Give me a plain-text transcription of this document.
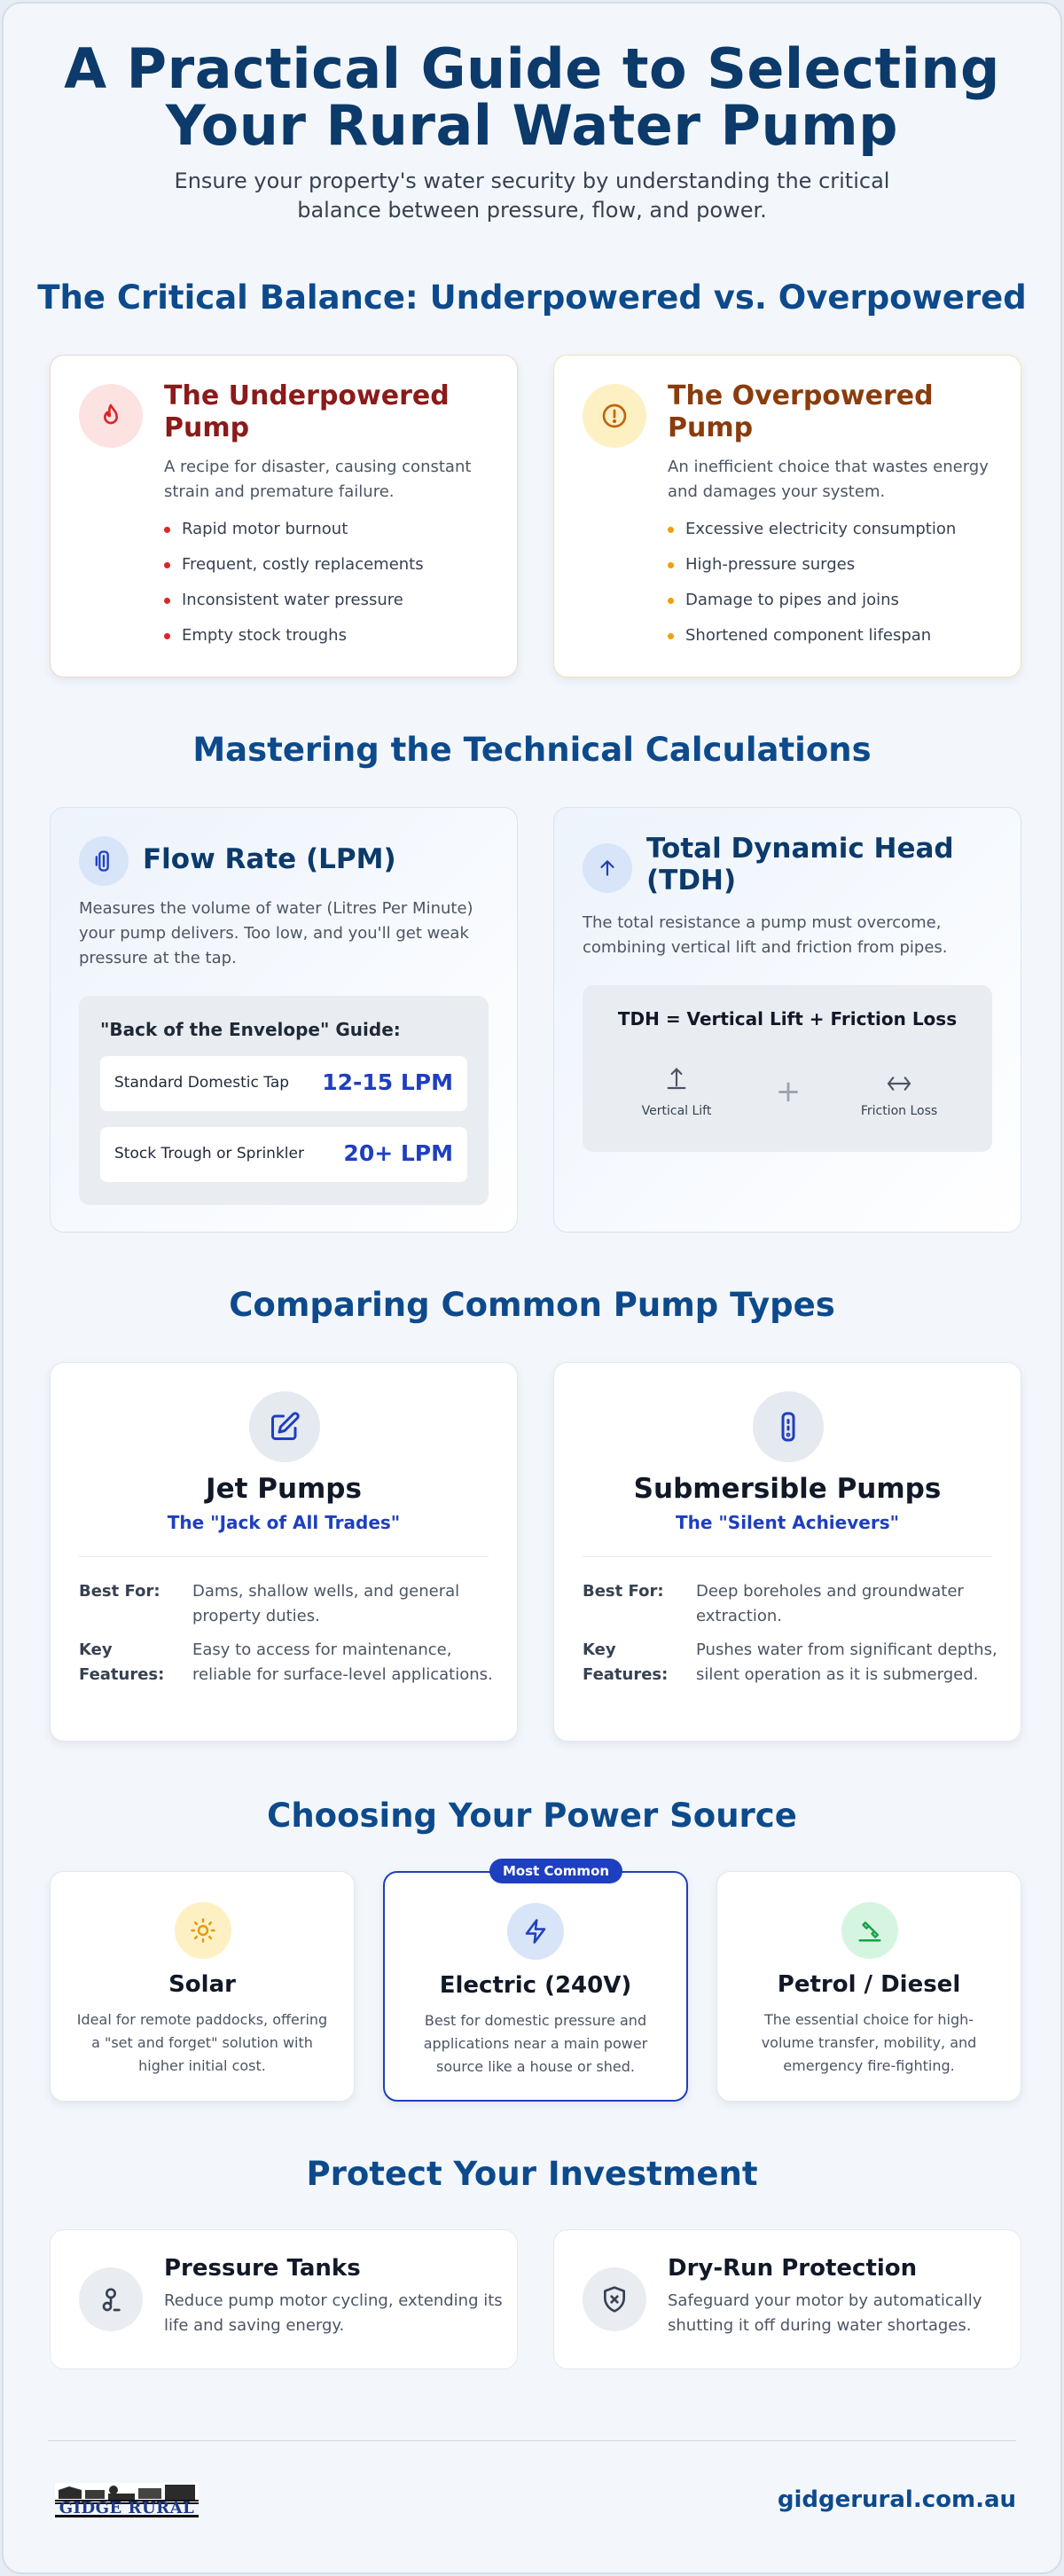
A Practical Guide to Selecting Your Rural Water Pump

Ensure your property's water security by understanding the critical balance between pressure, flow, and power.

The Critical Balance: Underpowered vs. Overpowered
The Underpowered Pump
A recipe for disaster, causing constant strain and premature failure.
Rapid motor burnout
Frequent, costly replacements
Inconsistent water pressure
Empty stock troughs
The Overpowered Pump
An inefficient choice that wastes energy and damages your system.
Excessive electricity consumption
High-pressure surges
Damage to pipes and joins
Shortened component lifespan
Mastering the Technical Calculations
Flow Rate (LPM)
Measures the volume of water (Litres Per Minute) your pump delivers. Too low, and you'll get weak pressure at the tap.
"Back of the Envelope" Guide:
Standard Domestic Tap 12-15 LPM
Stock Trough or Sprinkler 20+ LPM
Total Dynamic Head (TDH)
The total resistance a pump must overcome, combining vertical lift and friction from pipes.
TDH = Vertical Lift + Friction Loss
Vertical Lift
+
Friction Loss
Comparing Common Pump Types
Jet Pumps
The "Jack of All Trades"
Best For:	Dams, shallow wells, and general property duties.
Key Features:
Easy to access for maintenance, reliable for surface-level applications.
Submersible Pumps
The "Silent Achievers"
Best For:	Deep boreholes and groundwater extraction.
Key Features:
Pushes water from significant depths, silent operation as it is submerged.
Choosing Your Power Source
Most Common
Solar
Ideal for remote paddocks, offering a "set and forget" solution with higher initial cost.
Electric (240V)
Best for domestic pressure and applications near a main power source like a house or shed.
Petrol / Diesel
The essential choice for high-volume transfer, mobility, and emergency fire-fighting.
Protect Your Investment
Pressure Tanks
Reduce pump motor cycling, extending its life and saving energy.
Dry-Run Protection
Safeguard your motor by automatically shutting it off during water shortages.
GIDGE RURAL	gidgerural.com.au
